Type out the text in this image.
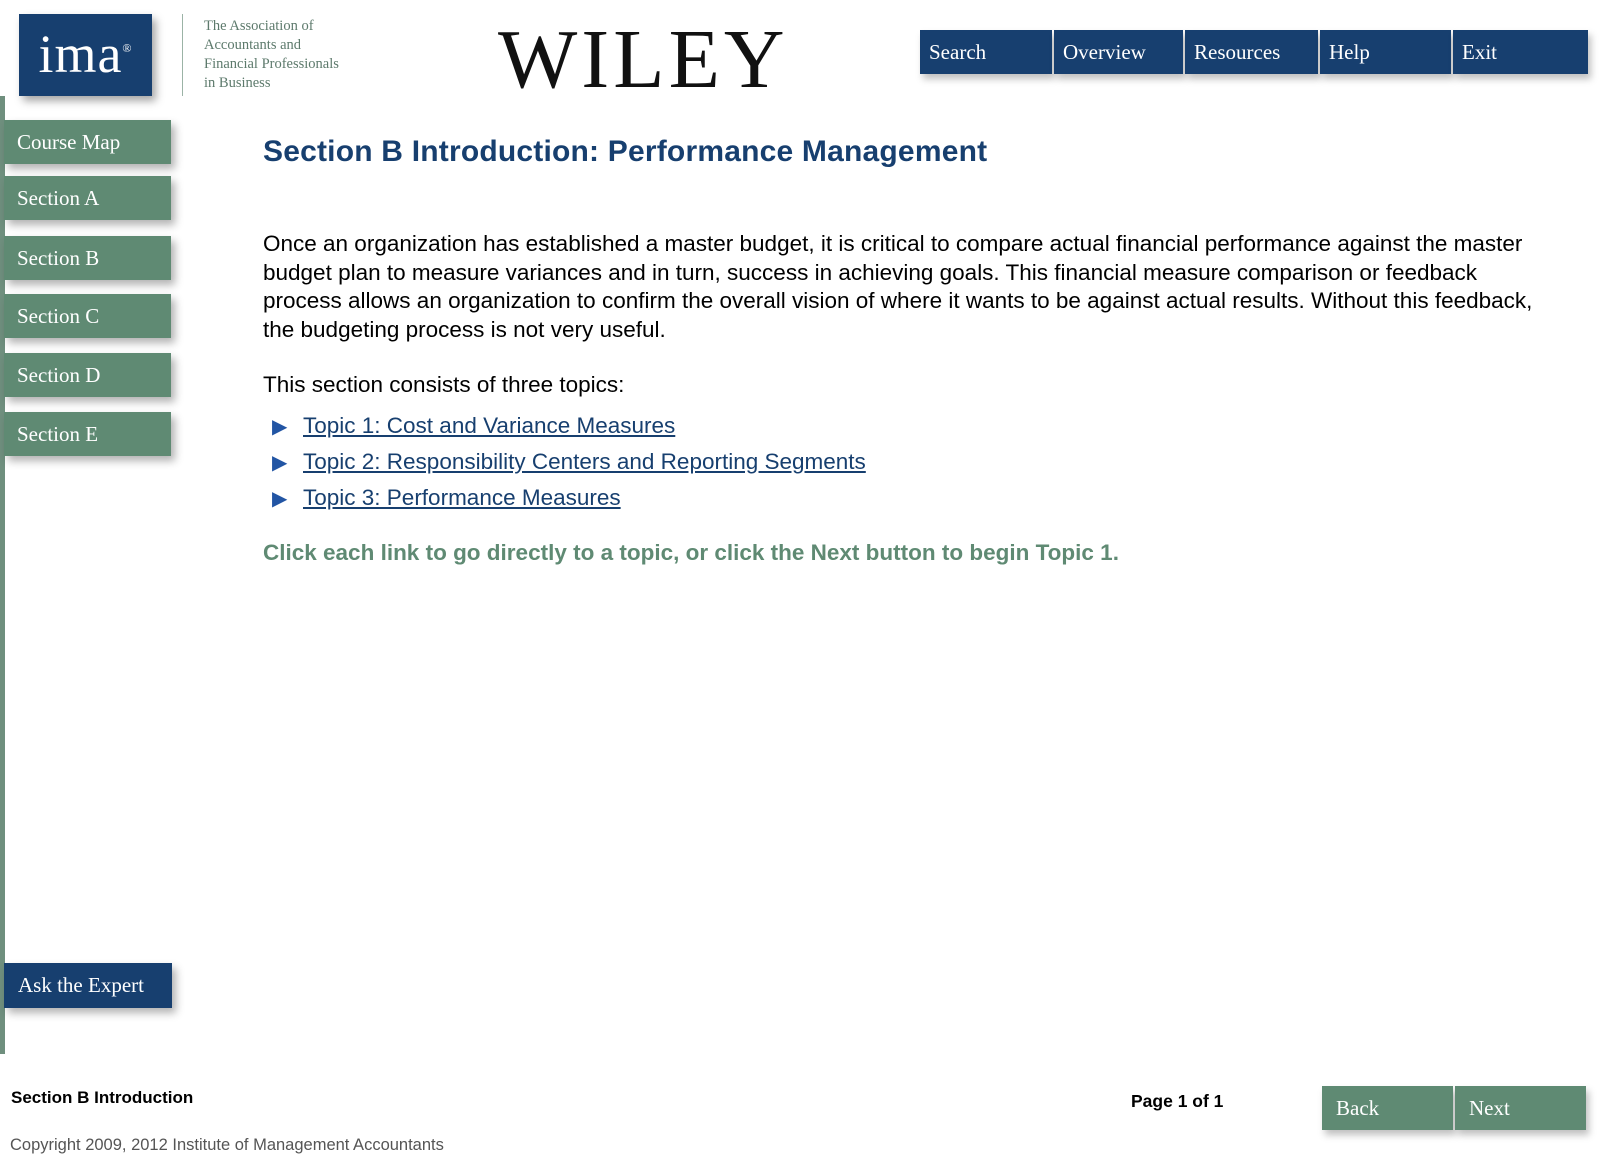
ima®
The Association of
Accountants and
Financial Professionals
in Business	WILEY	Search	Overview	Resources	Help	Exit
Course Map
Section A
Section B
Section C
Section D
Section E
Ask the Expert
Section B Introduction: Performance Management

Once an organization has established a master budget, it is critical to compare actual financial performance against the master budget plan to measure variances and in turn, success in achieving goals. This financial measure comparison or feedback process allows an organization to confirm the overall vision of where it wants to be against actual results. Without this feedback, the budgeting process is not very useful.

This section consists of three topics:

▶ Topic 1: Cost and Variance Measures
▶ Topic 2: Responsibility Centers and Reporting Segments
▶ Topic 3: Performance Measures

Click each link to go directly to a topic, or click the Next button to begin Topic 1.

Section B Introduction
Copyright 2009, 2012 Institute of Management Accountants
Page 1 of 1	Back	Next
